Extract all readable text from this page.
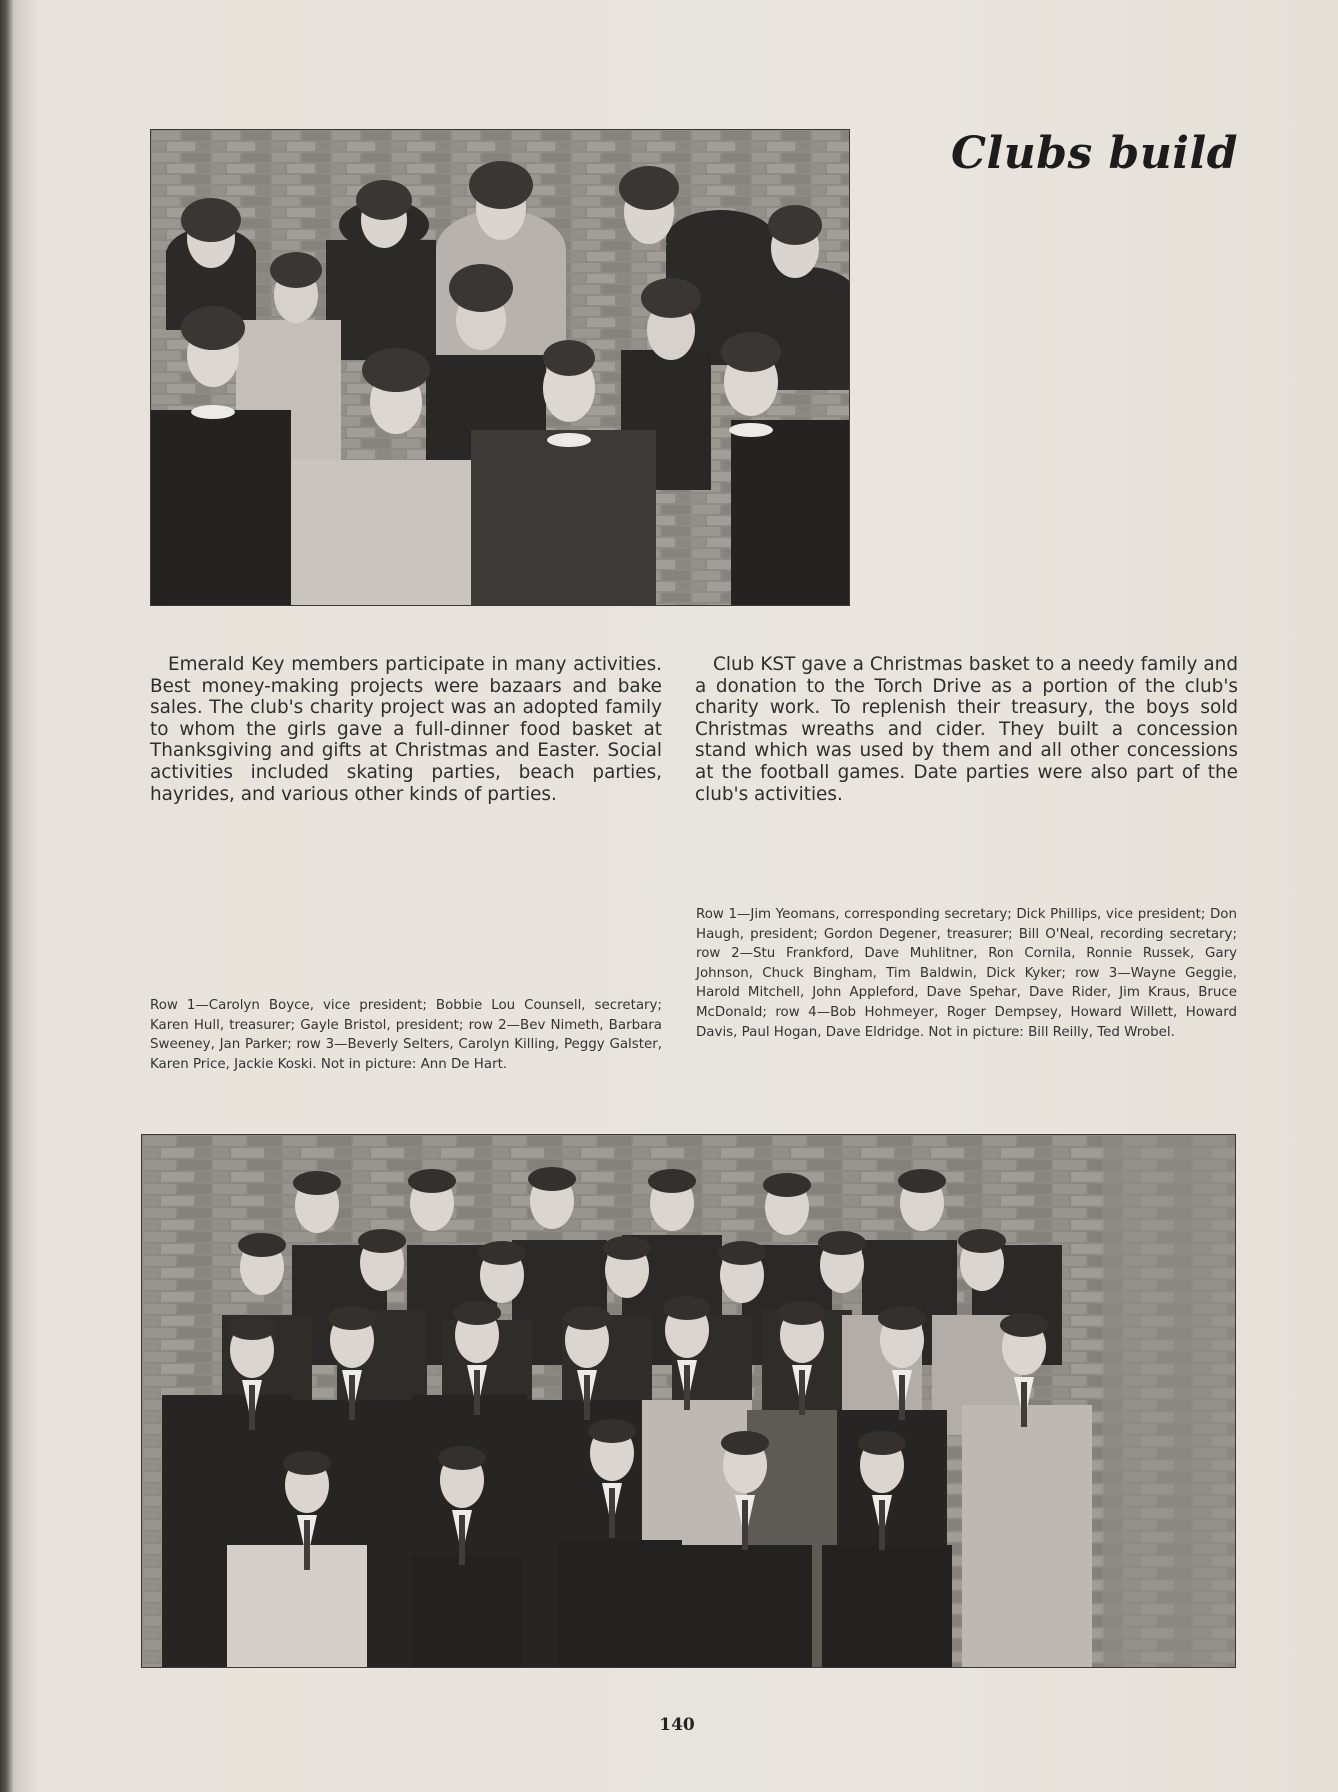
Clubs build

Emerald Key members participate in many activities. Best money-making projects were bazaars and bake sales. The club's charity project was an adopted family to whom the girls gave a full-dinner food basket at Thanksgiving and gifts at Christmas and Easter. Social activities included skating parties, beach parties, hayrides, and various other kinds of parties.

Club KST gave a Christmas basket to a needy family and a donation to the Torch Drive as a portion of the club's charity work. To replenish their treasury, the boys sold Christmas wreaths and cider. They built a concession stand which was used by them and all other concessions at the football games. Date parties were also part of the club's activities.

Row 1—Carolyn Boyce, vice president; Bobbie Lou Counsell, secretary; Karen Hull, treasurer; Gayle Bristol, president; row 2—Bev Nimeth, Barbara Sweeney, Jan Parker; row 3—Beverly Selters, Carolyn Killing, Peggy Galster, Karen Price, Jackie Koski. Not in picture: Ann De Hart.

Row 1—Jim Yeomans, corresponding secretary; Dick Phillips, vice president; Don Haugh, president; Gordon Degener, treasurer; Bill O'Neal, recording secretary; row 2—Stu Frankford, Dave Muhlitner, Ron Cornila, Ronnie Russek, Gary Johnson, Chuck Bingham, Tim Baldwin, Dick Kyker; row 3—Wayne Geggie, Harold Mitchell, John Appleford, Dave Spehar, Dave Rider, Jim Kraus, Bruce McDonald; row 4—Bob Hohmeyer, Roger Dempsey, Howard Willett, Howard Davis, Paul Hogan, Dave Eldridge. Not in picture: Bill Reilly, Ted Wrobel.

140
